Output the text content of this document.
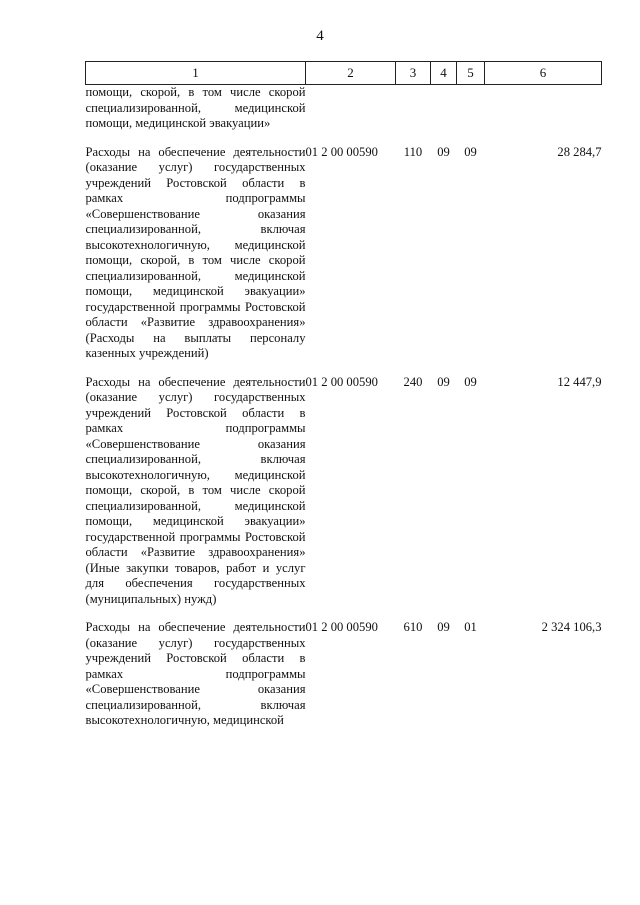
4
1	2	3	4	5	6
помощи, скорой, в том числе скорой специализированной, медицинской помощи, медицинской эвакуации»					

Расходы на обеспечение деятельности (оказание услуг) государственных учреждений Ростовской области в рамках подпрограммы «Совершенствование оказания специализированной, включая высокотехнологичную, медицинской помощи, скорой, в том числе скорой специализированной, медицинской помощи, медицинской эвакуации» государственной программы Ростовской области «Развитие здравоохранения» (Расходы на выплаты персоналу казенных учреждений)	01 2 00 00590	110	09	09	28 284,7

Расходы на обеспечение деятельности (оказание услуг) государственных учреждений Ростовской области в рамках подпрограммы «Совершенствование оказания специализированной, включая высокотехнологичную, медицинской помощи, скорой, в том числе скорой специализированной, медицинской помощи, медицинской эвакуации» государственной программы Ростовской области «Развитие здравоохранения» (Иные закупки товаров, работ и услуг для обеспечения государственных (муниципальных) нужд)	01 2 00 00590	240	09	09	12 447,9

Расходы на обеспечение деятельности (оказание услуг) государственных учреждений Ростовской области в рамках подпрограммы «Совершенствование оказания специализированной, включая высокотехнологичную, медицинской	01 2 00 00590	610	09	01	2 324 106,3
